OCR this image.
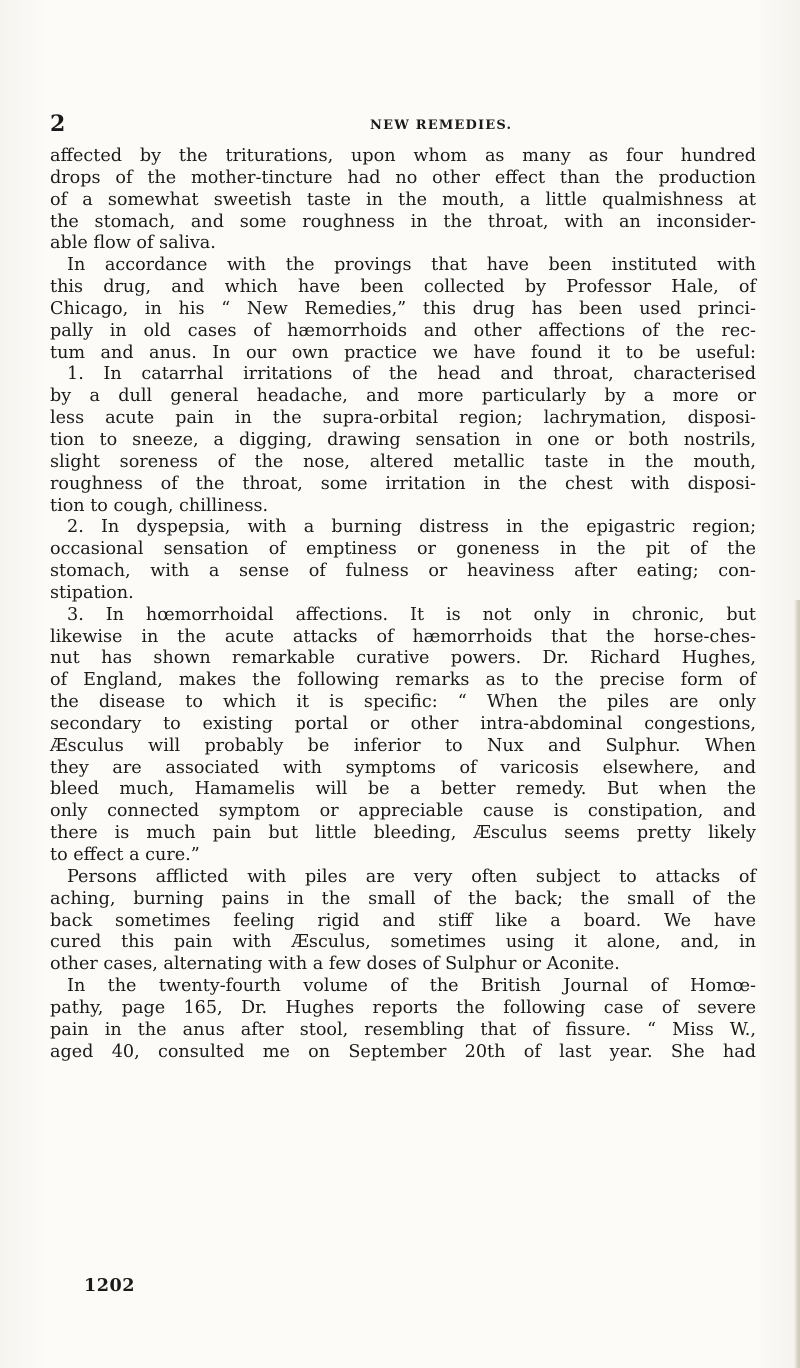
2	NEW REMEDIES.
affected by the triturations, upon whom as many as four hundred
drops of the mother-tincture had no other effect than the production
of a somewhat sweetish taste in the mouth, a little qualmishness at
the stomach, and some roughness in the throat, with an inconsider-
able flow of saliva.
In accordance with the provings that have been instituted with
this drug, and which have been collected by Professor Hale, of
Chicago, in his “ New Remedies,” this drug has been used princi-
pally in old cases of hæmorrhoids and other affections of the rec-
tum and anus. In our own practice we have found it to be useful:
1. In catarrhal irritations of the head and throat, characterised
by a dull general headache, and more particularly by a more or
less acute pain in the supra-orbital region; lachrymation, disposi-
tion to sneeze, a digging, drawing sensation in one or both nostrils,
slight soreness of the nose, altered metallic taste in the mouth,
roughness of the throat, some irritation in the chest with disposi-
tion to cough, chilliness.
2. In dyspepsia, with a burning distress in the epigastric region;
occasional sensation of emptiness or goneness in the pit of the
stomach, with a sense of fulness or heaviness after eating; con-
stipation.
3. In hœmorrhoidal affections. It is not only in chronic, but
likewise in the acute attacks of hæmorrhoids that the horse-ches-
nut has shown remarkable curative powers. Dr. Richard Hughes,
of England, makes the following remarks as to the precise form of
the disease to which it is specific: “ When the piles are only
secondary to existing portal or other intra-abdominal congestions,
Æsculus will probably be inferior to Nux and Sulphur. When
they are associated with symptoms of varicosis elsewhere, and
bleed much, Hamamelis will be a better remedy. But when the
only connected symptom or appreciable cause is constipation, and
there is much pain but little bleeding, Æsculus seems pretty likely
to effect a cure.”
Persons afflicted with piles are very often subject to attacks of
aching, burning pains in the small of the back; the small of the
back sometimes feeling rigid and stiff like a board. We have
cured this pain with Æsculus, sometimes using it alone, and, in
other cases, alternating with a few doses of Sulphur or Aconite.
In the twenty-fourth volume of the British Journal of Homœ-
pathy, page 165, Dr. Hughes reports the following case of severe
pain in the anus after stool, resembling that of fissure. “ Miss W.,
aged 40, consulted me on September 20th of last year. She had
1202
